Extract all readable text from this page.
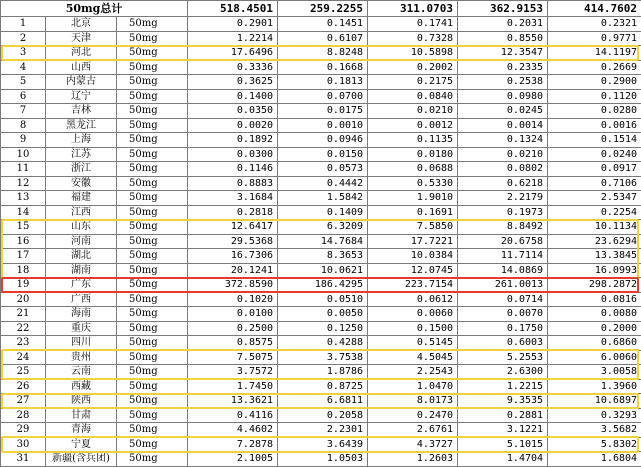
50mg总计			518.4501	259.2255	311.0703	362.9153	414.7602
1	北京	50mg	0.2901	0.1451	0.1741	0.2031	0.2321
2	天津	50mg	1.2214	0.6107	0.7328	0.8550	0.9771
3	河北	50mg	17.6496	8.8248	10.5898	12.3547	14.1197
4	山西	50mg	0.3336	0.1668	0.2002	0.2335	0.2669
5	内蒙古	50mg	0.3625	0.1813	0.2175	0.2538	0.2900
6	辽宁	50mg	0.1400	0.0700	0.0840	0.0980	0.1120
7	吉林	50mg	0.0350	0.0175	0.0210	0.0245	0.0280
8	黑龙江	50mg	0.0020	0.0010	0.0012	0.0014	0.0016
9	上海	50mg	0.1892	0.0946	0.1135	0.1324	0.1514
10	江苏	50mg	0.0300	0.0150	0.0180	0.0210	0.0240
11	浙江	50mg	0.1146	0.0573	0.0688	0.0802	0.0917
12	安徽	50mg	0.8883	0.4442	0.5330	0.6218	0.7106
13	福建	50mg	3.1684	1.5842	1.9010	2.2179	2.5347
14	江西	50mg	0.2818	0.1409	0.1691	0.1973	0.2254
15	山东	50mg	12.6417	6.3209	7.5850	8.8492	10.1134
16	河南	50mg	29.5368	14.7684	17.7221	20.6758	23.6294
17	湖北	50mg	16.7306	8.3653	10.0384	11.7114	13.3845
18	湖南	50mg	20.1241	10.0621	12.0745	14.0869	16.0993
19	广东	50mg	372.8590	186.4295	223.7154	261.0013	298.2872
20	广西	50mg	0.1020	0.0510	0.0612	0.0714	0.0816
21	海南	50mg	0.0100	0.0050	0.0060	0.0070	0.0080
22	重庆	50mg	0.2500	0.1250	0.1500	0.1750	0.2000
23	四川	50mg	0.8575	0.4288	0.5145	0.6003	0.6860
24	贵州	50mg	7.5075	3.7538	4.5045	5.2553	6.0060
25	云南	50mg	3.7572	1.8786	2.2543	2.6300	3.0058
26	西藏	50mg	1.7450	0.8725	1.0470	1.2215	1.3960
27	陕西	50mg	13.3621	6.6811	8.0173	9.3535	10.6897
28	甘肃	50mg	0.4116	0.2058	0.2470	0.2881	0.3293
29	青海	50mg	4.4602	2.2301	2.6761	3.1221	3.5682
30	宁夏	50mg	7.2878	3.6439	4.3727	5.1015	5.8302
31	新疆(含兵团)	50mg	2.1005	1.0503	1.2603	1.4704	1.6804
